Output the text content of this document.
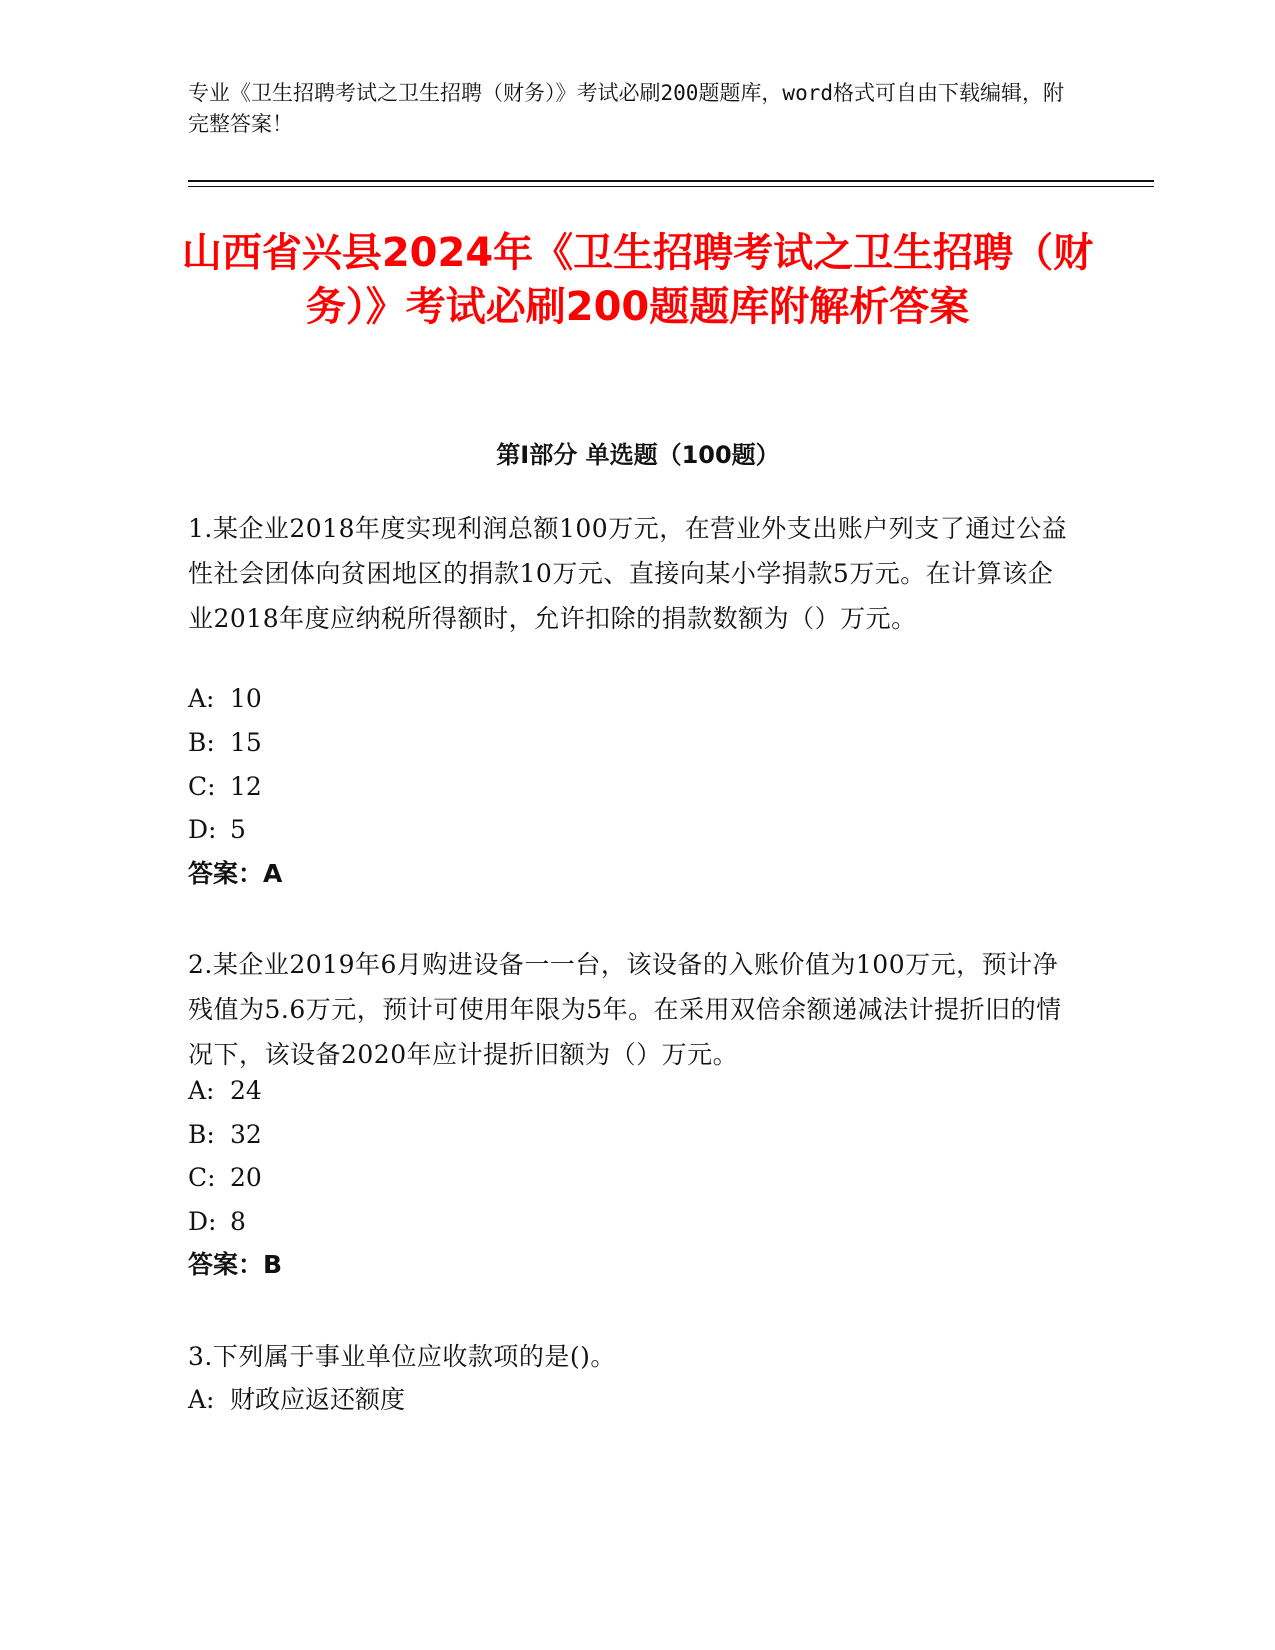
专业《卫生招聘考试之卫生招聘（财务）》考试必刷200题题库，word格式可自由下载编辑，附完整答案！
山西省兴县2024年《卫生招聘考试之卫生招聘（财务）》考试必刷200题题库附解析答案
第Ⅰ部分 单选题（100题）
1.某企业2018年度实现利润总额100万元，在营业外支出账户列支了通过公益性社会团体向贫困地区的捐款10万元、直接向某小学捐款5万元。在计算该企业2018年度应纳税所得额时，允许扣除的捐款数额为（）万元。
A: 10
B: 15
C: 12
D: 5
答案：A
2.某企业2019年6月购进设备一一台，该设备的入账价值为100万元，预计净残值为5.6万元，预计可使用年限为5年。在采用双倍余额递减法计提折旧的情况下，该设备2020年应计提折旧额为（）万元。
A: 24
B: 32
C: 20
D: 8
答案：B
3.下列属于事业单位应收款项的是()。
A: 财政应返还额度
